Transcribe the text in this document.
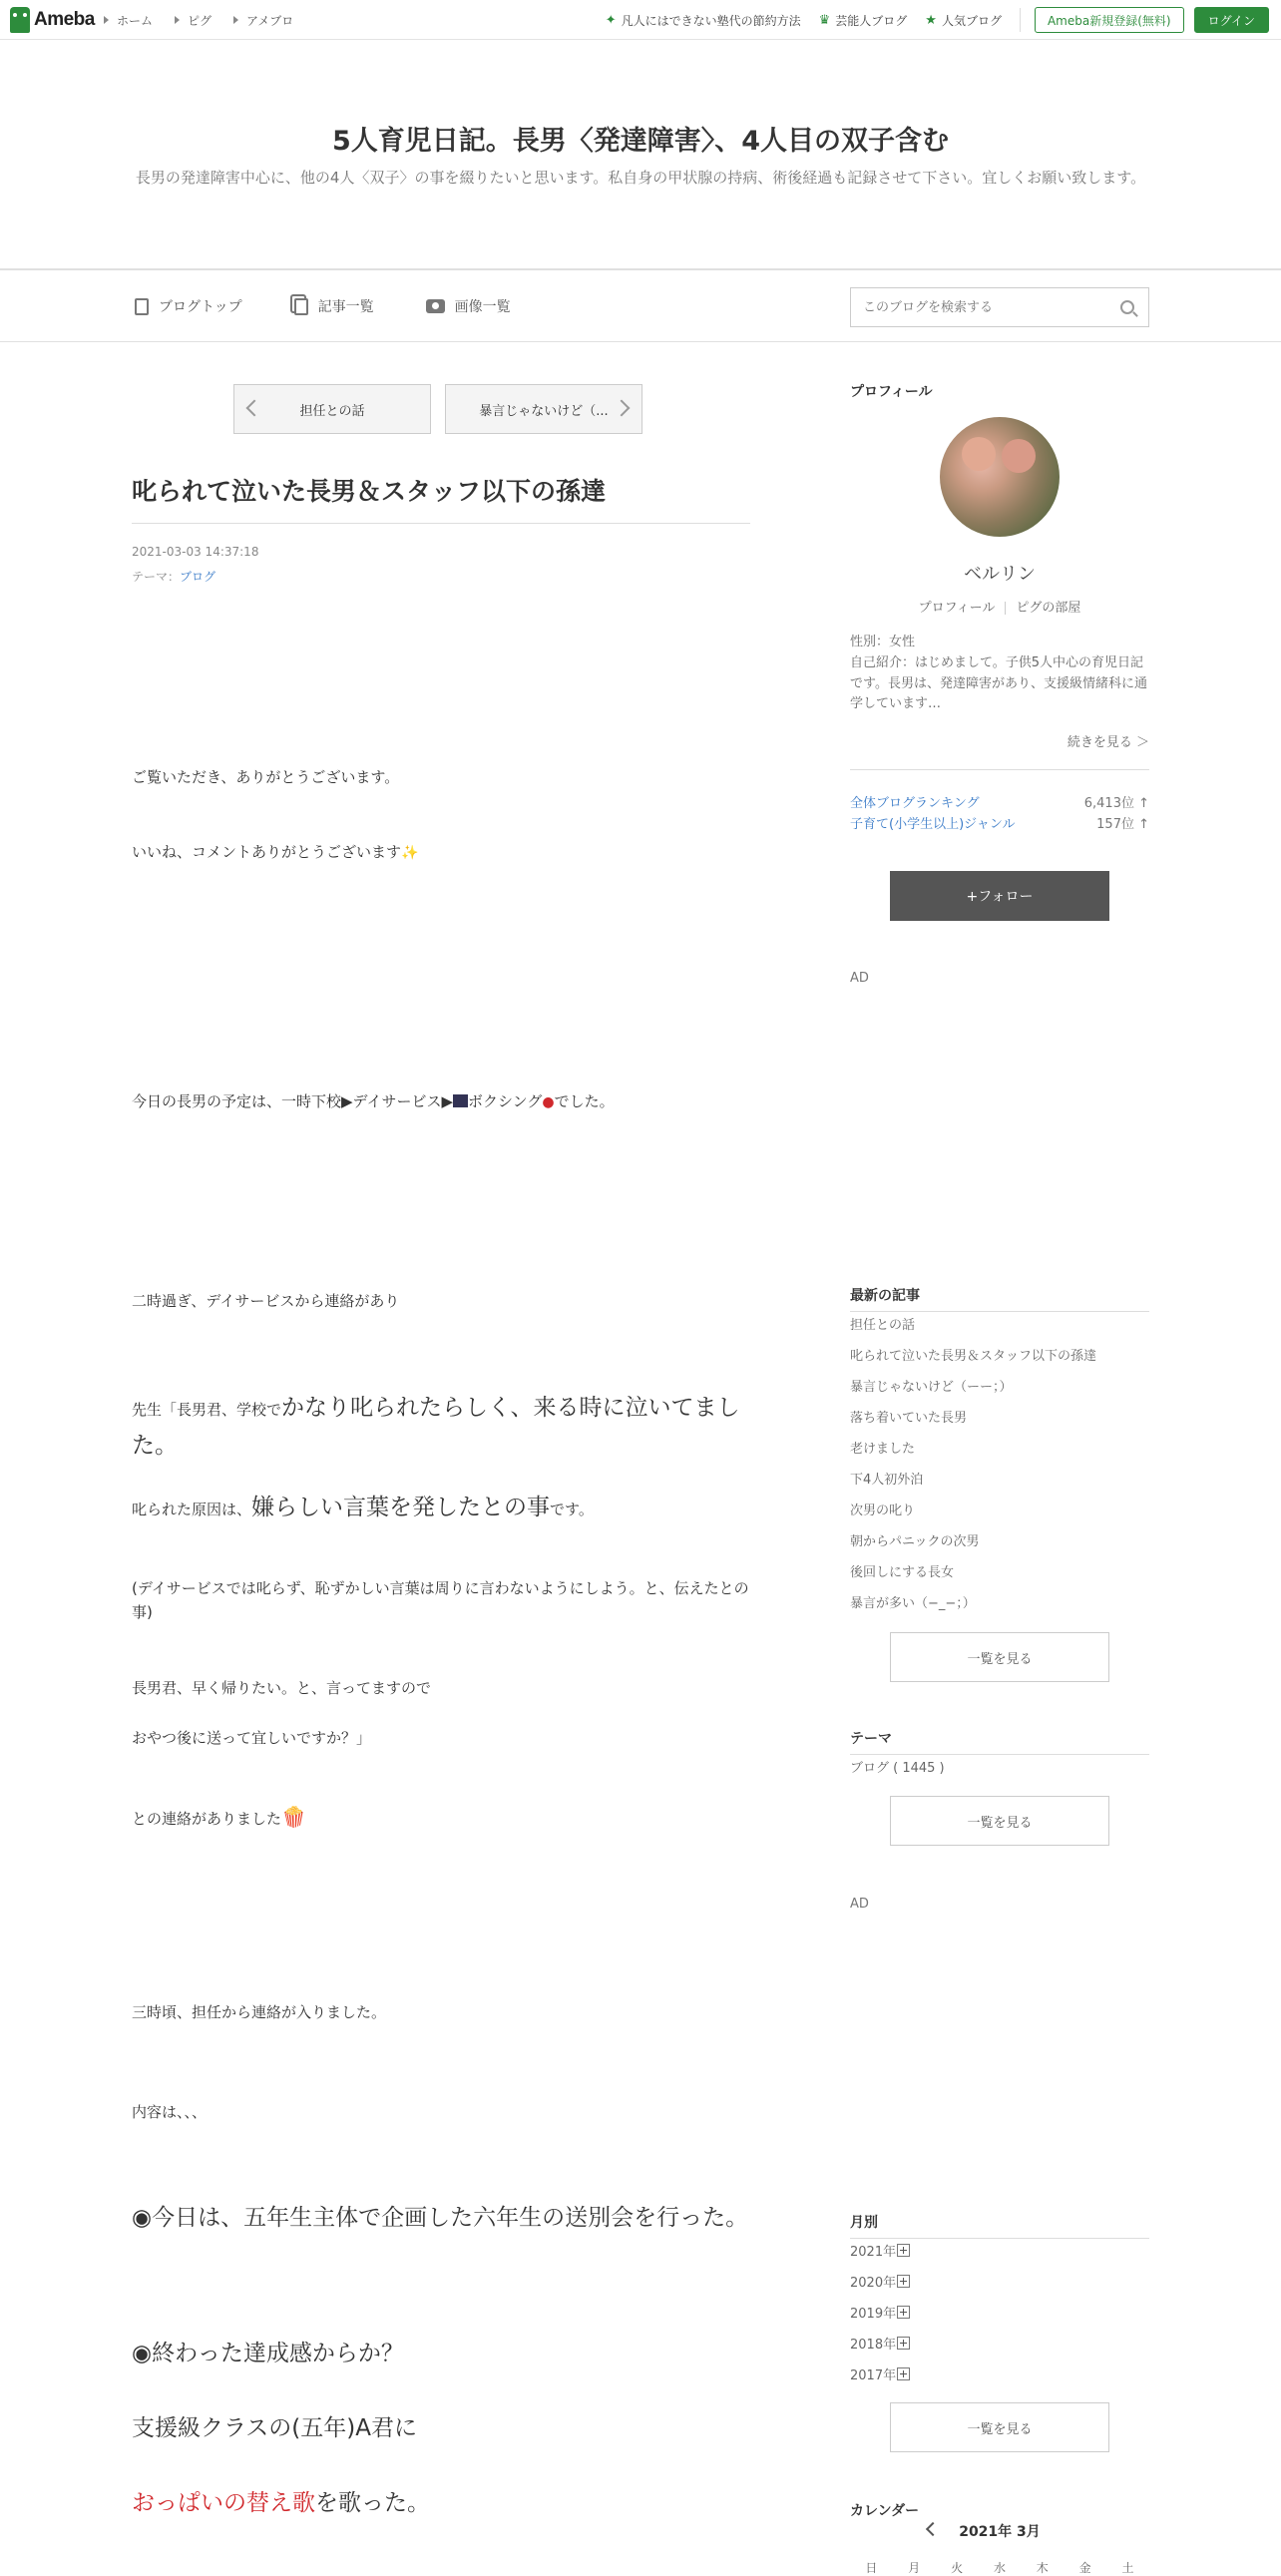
Ameba ホーム	ピグ	アメブロ	✦ 凡人にはできない塾代の節約方法 ♛ 芸能人ブログ ★ 人気ブログ	Ameba新規登録(無料)	ログイン
5人育児日記。長男〈発達障害〉、4人目の双子含む
長男の発達障害中心に、他の4人〈双子〉の事を綴りたいと思います。私自身の甲状腺の持病、術後経過も記録させて下さい。宜しくお願い致します。
ブログトップ	記事一覧	画像一覧
このブログを検索する
担任との話	暴言じゃないけど（...
叱られて泣いた長男＆スタッフ以下の孫達
2021-03-03 14:37:18
テーマ：ブログ
ご覧いただき、ありがとうございます。
いいね、コメントありがとうございます✨
今日の長男の予定は、一時下校▶デイサービス▶ ボクシング●でした。
二時過ぎ、デイサービスから連絡があり
先生「長男君、学校でかなり叱られたらしく、来る時に泣いてました。
叱られた原因は、嫌らしい言葉を発したとの事です。
(デイサービスでは叱らず、恥ずかしい言葉は周りに言わないようにしよう。と、伝えたとの事)
長男君、早く帰りたい。と、言ってますので
おやつ後に送って宜しいですか？」
との連絡がありました🍿
三時頃、担任から連絡が入りました。
内容は、、、
◉今日は、五年生主体で企画した六年生の送別会を行った。
◉終わった達成感からか？
支援級クラスの(五年)A君に
おっぱいの替え歌を歌った。
プロフィール
ベルリン
プロフィール ピグの部屋
性別：女性
自己紹介：はじめまして。子供5人中心の育児日記です。長男は、発達障害があり、支援級情緒科に通学しています…
続きを見る ＞
全体ブログランキング	6,413位 ↑
子育て(小学生以上)ジャンル	157位 ↑
+フォロー
AD
最新の記事
担任との話
叱られて泣いた長男＆スタッフ以下の孫達
暴言じゃないけど（ーー；）
落ち着いていた長男
老けました
下4人初外泊
次男の叱り
朝からパニックの次男
後回しにする長女
暴言が多い（−_−；）
一覧を見る
テーマ
ブログ ( 1445 )
一覧を見る
AD
月別
2021年
2020年
2019年
2018年
2017年
一覧を見る
カレンダー
2021年 3月
日	月	火	水	木	金	土
